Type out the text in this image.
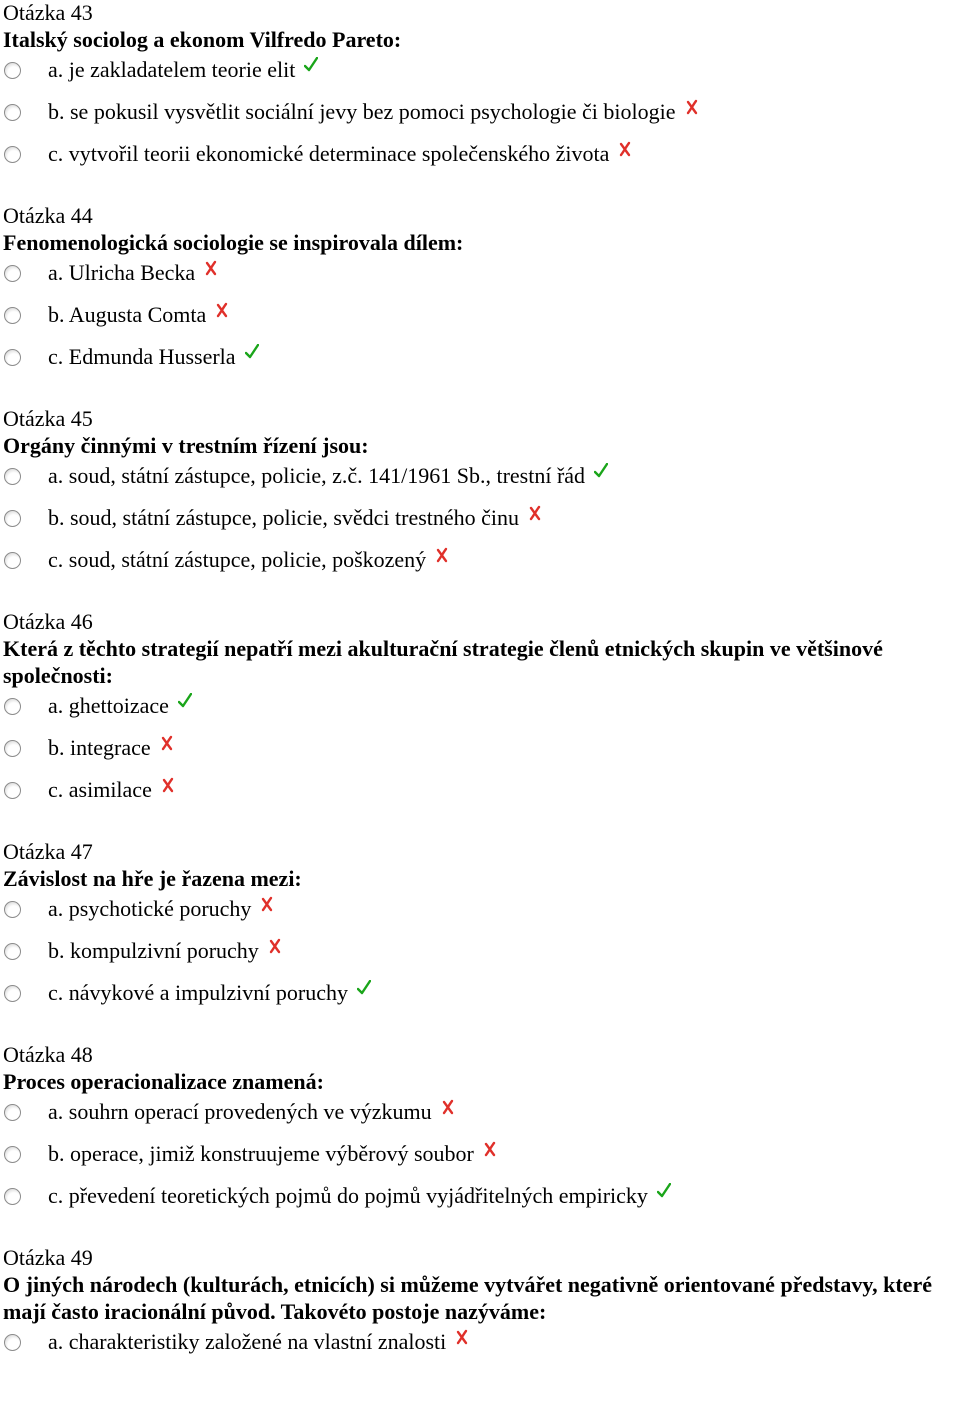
Otázka 43
Italský sociolog a ekonom Vilfredo Pareto:
a. je zakladatelem teorie elit
b. se pokusil vysvětlit sociální jevy bez pomoci psychologie či biologie
c. vytvořil teorii ekonomické determinace společenského života
Otázka 44
Fenomenologická sociologie se inspirovala dílem:
a. Ulricha Becka
b. Augusta Comta
c. Edmunda Husserla
Otázka 45
Orgány činnými v trestním řízení jsou:
a. soud, státní zástupce, policie, z.č. 141/1961 Sb., trestní řád
b. soud, státní zástupce, policie, svědci trestného činu
c. soud, státní zástupce, policie, poškozený
Otázka 46
Která z těchto strategií nepatří mezi akulturační strategie členů etnických skupin ve většinové společnosti:
a. ghettoizace
b. integrace
c. asimilace
Otázka 47
Závislost na hře je řazena mezi:
a. psychotické poruchy
b. kompulzivní poruchy
c. návykové a impulzivní poruchy
Otázka 48
Proces operacionalizace znamená:
a. souhrn operací provedených ve výzkumu
b. operace, jimiž konstruujeme výběrový soubor
c. převedení teoretických pojmů do pojmů vyjádřitelných empiricky
Otázka 49
O jiných národech (kulturách, etnicích) si můžeme vytvářet negativně orientované představy, které mají často iracionální původ. Takovéto postoje nazýváme:
a. charakteristiky založené na vlastní znalosti
